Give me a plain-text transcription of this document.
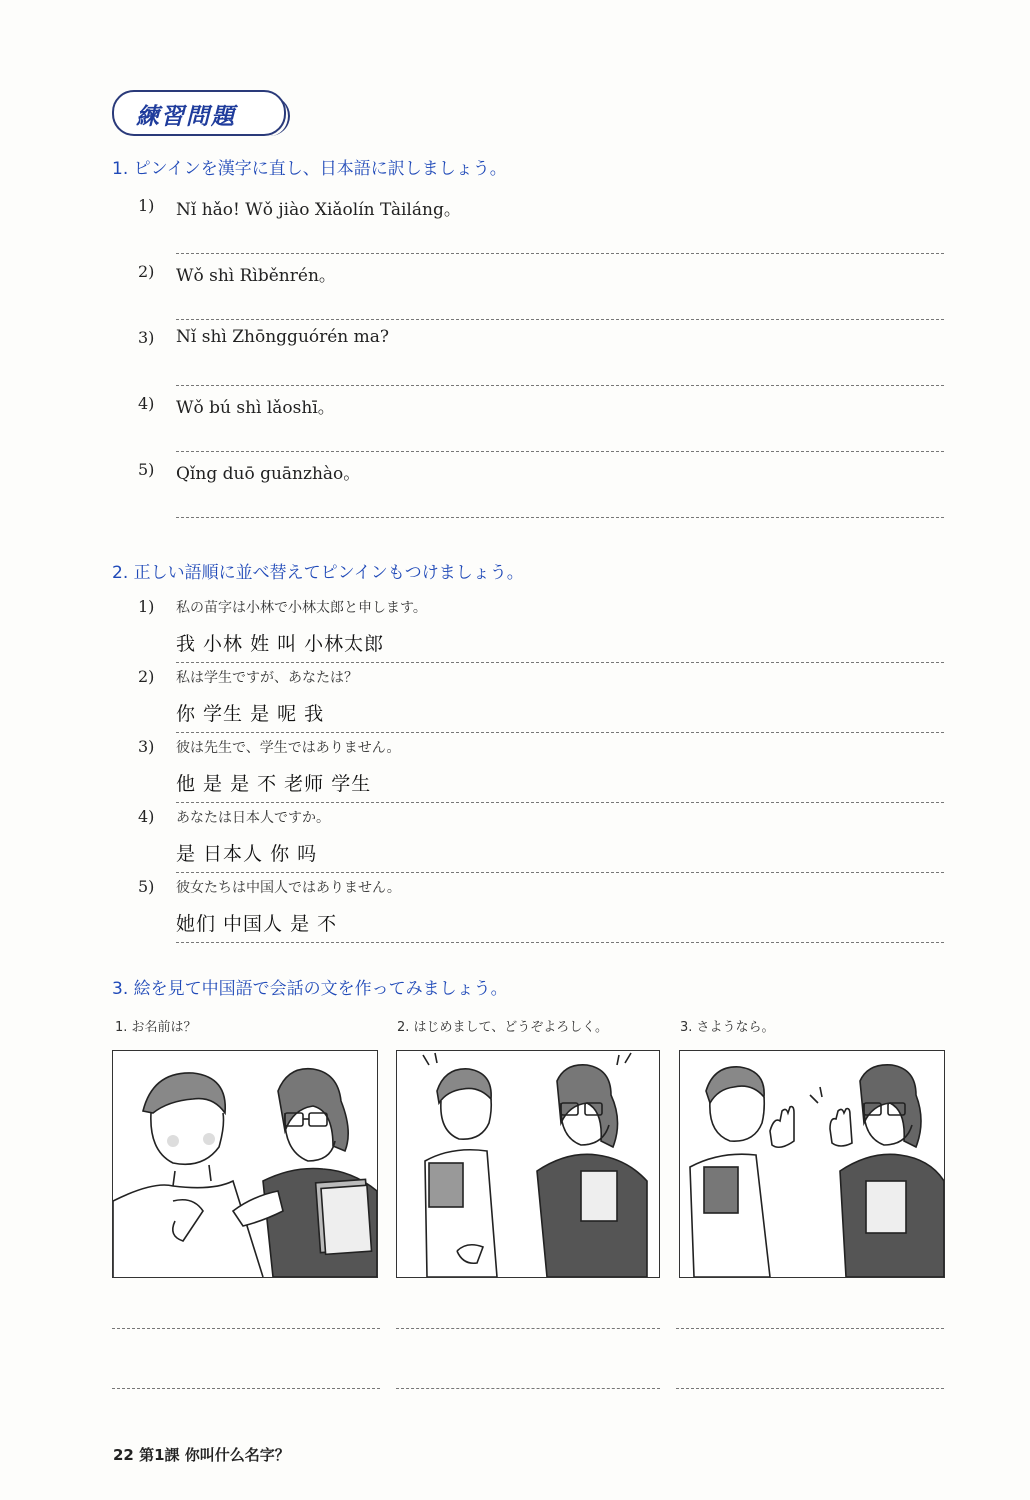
練習問題
1. ピンインを漢字に直し、日本語に訳しましょう。
1) Nǐ hǎo! Wǒ jiào Xiǎolín Tàiláng。
2) Wǒ shì Rìběnrén。
3) Nǐ shì Zhōngguórén ma?
4) Wǒ bú shì lǎoshī。
5) Qǐng duō guānzhào。
2. 正しい語順に並べ替えてピンインもつけましょう。
1) 私の苗字は小林で小林太郎と申します。
我 小林 姓 叫 小林太郎
2) 私は学生ですが、あなたは？
你 学生 是 呢 我
3) 彼は先生で、学生ではありません。
他 是 是 不 老师 学生
4) あなたは日本人ですか。
是 日本人 你 吗
5) 彼女たちは中国人ではありません。
她们 中国人 是 不
3. 絵を見て中国語で会話の文を作ってみましょう。
1. お名前は？	2. はじめまして、どうぞよろしく。	3. さようなら。
22 第1課 你叫什么名字？
